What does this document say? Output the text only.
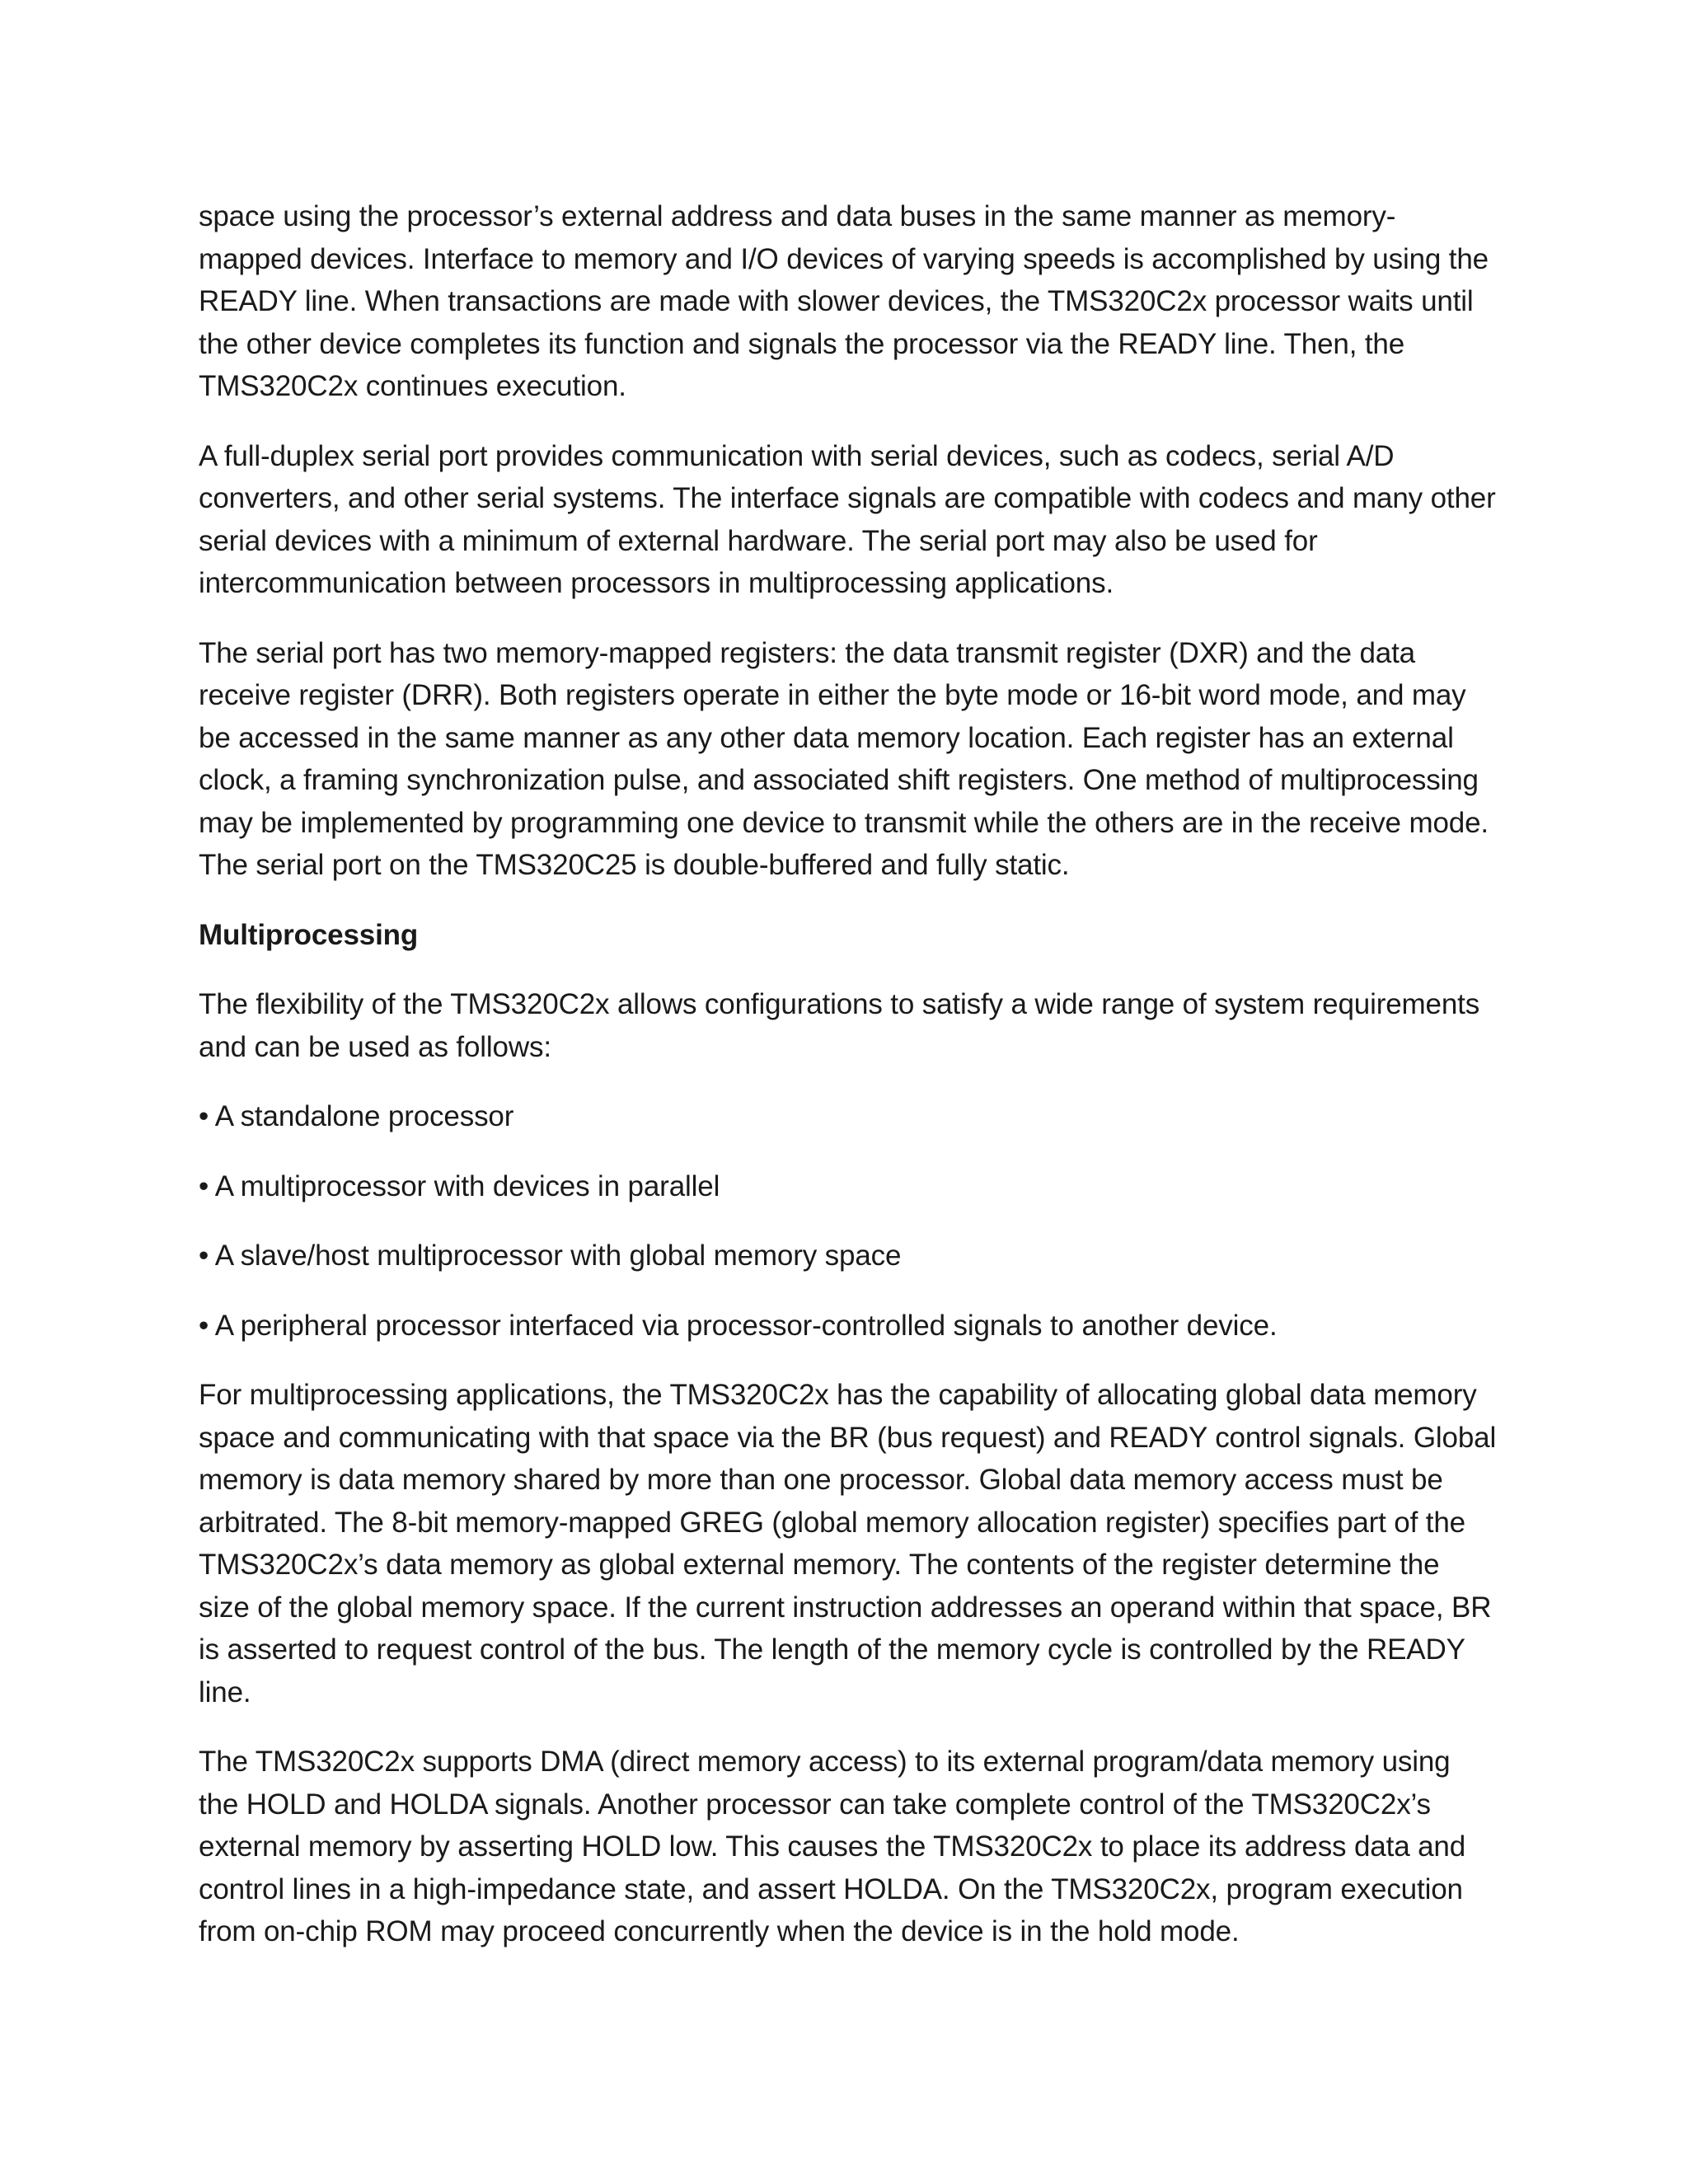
space using the processor’s external address and data buses in the same manner as memory-mapped devices. Interface to memory and I/O devices of varying speeds is accomplished by using the READY line. When transactions are made with slower devices, the TMS320C2x processor waits until the other device completes its function and signals the processor via the READY line. Then, the TMS320C2x continues execution.

A full-duplex serial port provides communication with serial devices, such as codecs, serial A/D converters, and other serial systems. The interface signals are compatible with codecs and many other serial devices with a minimum of external hardware. The serial port may also be used for intercommunication between processors in multiprocessing applications.

The serial port has two memory-mapped registers: the data transmit register (DXR) and the data receive register (DRR). Both registers operate in either the byte mode or 16-bit word mode, and may be accessed in the same manner as any other data memory location. Each register has an external clock, a framing synchronization pulse, and associated shift registers. One method of multiprocessing may be implemented by programming one device to transmit while the others are in the receive mode. The serial port on the TMS320C25 is double-buffered and fully static.

Multiprocessing

The flexibility of the TMS320C2x allows configurations to satisfy a wide range of system requirements and can be used as follows:

• A standalone processor

• A multiprocessor with devices in parallel

• A slave/host multiprocessor with global memory space

• A peripheral processor interfaced via processor-controlled signals to another device.

For multiprocessing applications, the TMS320C2x has the capability of allocating global data memory space and communicating with that space via the BR (bus request) and READY control signals. Global memory is data memory shared by more than one processor. Global data memory access must be arbitrated. The 8-bit memory-mapped GREG (global memory allocation register) specifies part of the TMS320C2x’s data memory as global external memory. The contents of the register determine the size of the global memory space. If the current instruction addresses an operand within that space, BR is asserted to request control of the bus. The length of the memory cycle is controlled by the READY line.

The TMS320C2x supports DMA (direct memory access) to its external program/data memory using the HOLD and HOLDA signals. Another processor can take complete control of the TMS320C2x’s external memory by asserting HOLD low. This causes the TMS320C2x to place its address data and control lines in a high-impedance state, and assert HOLDA. On the TMS320C2x, program execution from on-chip ROM may proceed concurrently when the device is in the hold mode.
